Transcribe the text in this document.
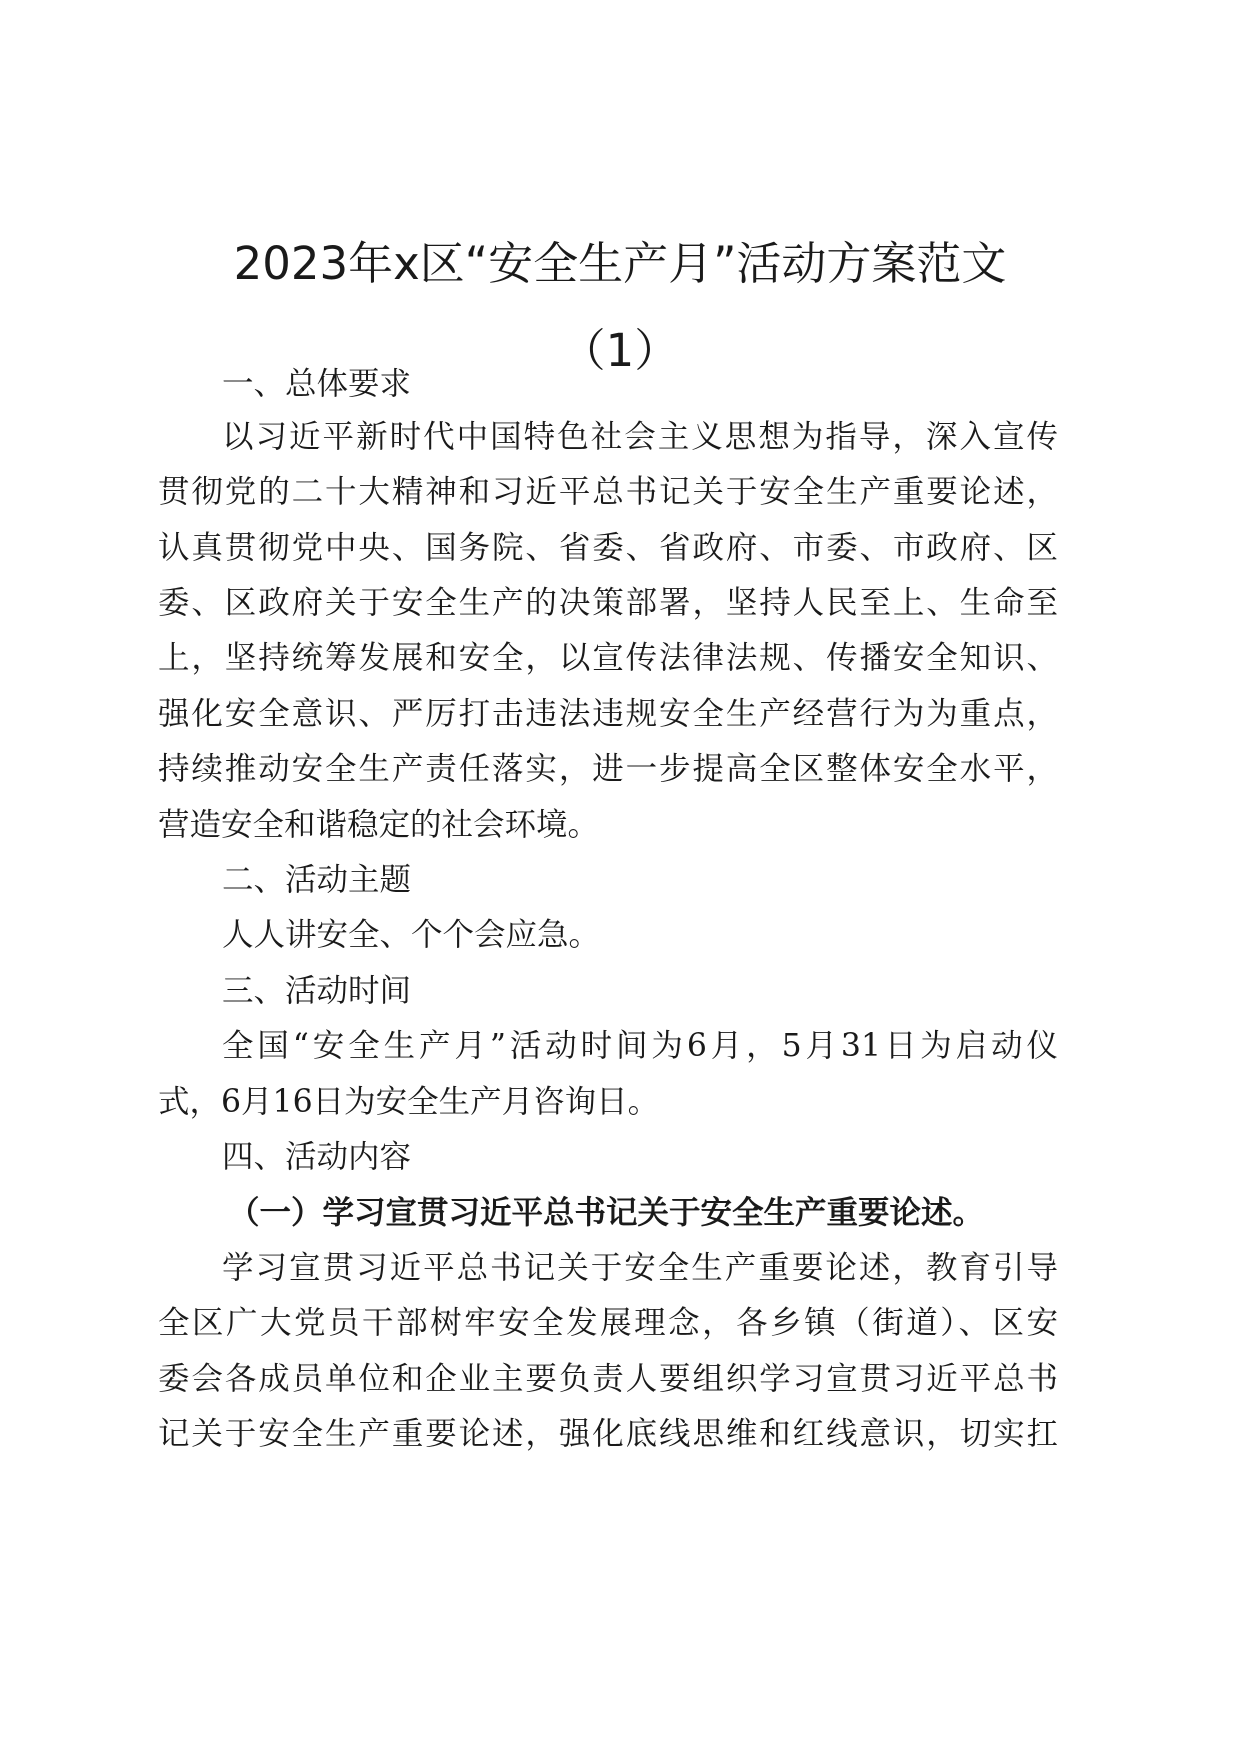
2023年x区“安全生产月”活动方案范文
（1）

一、总体要求

以习近平新时代中国特色社会主义思想为指导，深入宣传

贯彻党的二十大精神和习近平总书记关于安全生产重要论述，

认真贯彻党中央、国务院、省委、省政府、市委、市政府、区

委、区政府关于安全生产的决策部署，坚持人民至上、生命至

上，坚持统筹发展和安全，以宣传法律法规、传播安全知识、

强化安全意识、严厉打击违法违规安全生产经营行为为重点，

持续推动安全生产责任落实，进一步提高全区整体安全水平，

营造安全和谐稳定的社会环境。

二、活动主题

人人讲安全、个个会应急。

三、活动时间

全国“安全生产月”活动时间为6月，5月31日为启动仪

式，6月16日为安全生产月咨询日。

四、活动内容

（一）学习宣贯习近平总书记关于安全生产重要论述。

学习宣贯习近平总书记关于安全生产重要论述，教育引导

全区广大党员干部树牢安全发展理念，各乡镇（街道）、区安

委会各成员单位和企业主要负责人要组织学习宣贯习近平总书

记关于安全生产重要论述，强化底线思维和红线意识，切实扛
